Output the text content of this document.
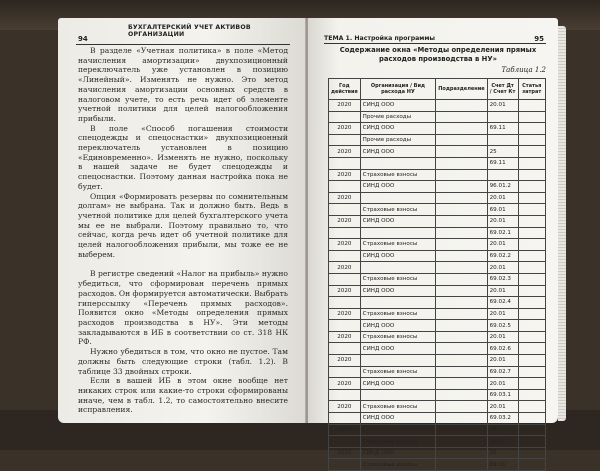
БУХГАЛТЕРСКИЙ УЧЕТ АКТИВОВ ОРГАНИЗАЦИИ
94

В разделе «Учетная политика» в поле «Метод начисления амортизации» двухпозиционный переключатель уже установлен в позицию «Линейный». Изменять не нужно. Это метод начисления амортизации основных средств в налоговом учете, то есть речь идет об элементе учетной политики для целей налогообложения прибыли.

В поле «Способ погашения стоимости спецодежды и спецоснастки» двухпозиционный переключатель установлен в позицию «Единовременно». Изменять не нужно, поскольку в нашей задаче не будет спецодежды и спецоснастки. Поэтому данная настройка пока не будет.

Опция «Формировать резервы по сомнительным долгам» не выбрана. Так и должно быть. Ведь в учетной политике для целей бухгалтерского учета мы ее не выбрали. Поэтому правильно то, что сейчас, когда речь идет об учетной политике для целей налогообложения прибыли, мы тоже ее не выберем.

В регистре сведений «Налог на прибыль» нужно убедиться, что сформирован перечень прямых расходов. Он формируется автоматически. Выбрать гиперссылку «Перечень прямых расходов». Появится окно «Методы определения прямых расходов производства в НУ». Эти методы закладываются в ИБ в соответствии со ст. 318 НК РФ.

Нужно убедиться в том, что окно не пустое. Там должны быть следующие строки (табл. 1.2). В таблице 33 двойных строки.

Если в вашей ИБ в этом окне вообще нет никаких строк или какие-то строки сформированы иначе, чем в табл. 1.2, то самостоятельно внесите исправления.

ТЕМА 1. Настройка программы	95
Содержание окна «Методы определения прямых расходов производства в НУ»
Таблица 1.2
Год действия	Организация / Вид расхода НУ	Подразделение	Счет Дт / Счет Кт	Статья затрат
2020	СИНД ООО		20.01	
	Прочие расходы			
2020	СИНД ООО		69.11	
	Прочие расходы			
2020	СИНД ООО		25	
			69.11	
2020	Страховые взносы			
	СИНД ООО		96.01.2	
2020			20.01	
	Страховые взносы		69.01	
2020	СИНД ООО		20.01	
			69.02.1	
2020	Страховые взносы		20.01	
	СИНД ООО		69.02.2	
2020			20.01	
	Страховые взносы		69.02.3	
2020	СИНД ООО		20.01	
			69.02.4	
2020	Страховые взносы		20.01	
	СИНД ООО		69.02.5	
2020	Страховые взносы		20.01	
	СИНД ООО		69.02.6	
2020			20.01	
	Страховые взносы		69.02.7	
2020	СИНД ООО		20.01	
			69.03.1	
2020	Страховые взносы		20.01	
	СИНД ООО		69.03.2	
2020			25	
	Страховые взносы		96.01.2	
2020	СИНД ООО		25	
	Страховые взносы		69.01	
